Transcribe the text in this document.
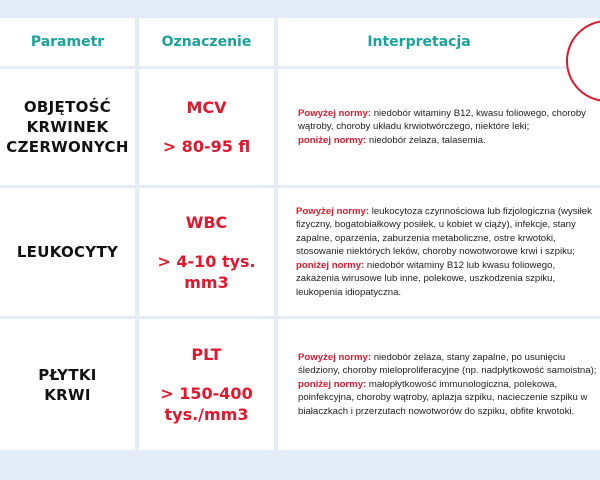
Parametr	Oznaczenie	Interpretacja
OBJĘTOŚĆ
KRWINEK
CZERWONYCH
MCV
> 80-95 fl
Powyżej normy: niedobór witaminy B12, kwasu foliowego, choroby wątroby, choroby układu krwiotwórczego, niektóre leki;
poniżej normy: niedobór żelaza, talasemia.
LEUKOCYTY
WBC
> 4-10 tys.
mm3
Powyżej normy: leukocytoza czynnościowa lub fizjologiczna (wysiłek fizyczny, bogatobiałkowy posiłek, u kobiet w ciąży), infekcje, stany zapalne, oparzenia, zaburzenia metaboliczne, ostre krwotoki, stosowanie niektórych leków, choroby nowotworowe krwi i szpiku;
poniżej normy: niedobór witaminy B12 lub kwasu foliowego, zakażenia wirusowe lub inne, polekowe, uszkodzenia szpiku, leukopenia idiopatyczna.
PŁYTKI
KRWI
PLT
> 150-400
tys./mm3
Powyżej normy: niedobór żelaza, stany zapalne, po usunięciu śledziony, choroby mieloproliferacyjne (np. nadpłytkowość samoistna);
poniżej normy: małopłytkowość immunologiczna, polekowa, poinfekcyjna, choroby wątroby, aplazja szpiku, nacieczenie szpiku w białaczkach i przerzutach nowotworów do szpiku, obfite krwotoki.
